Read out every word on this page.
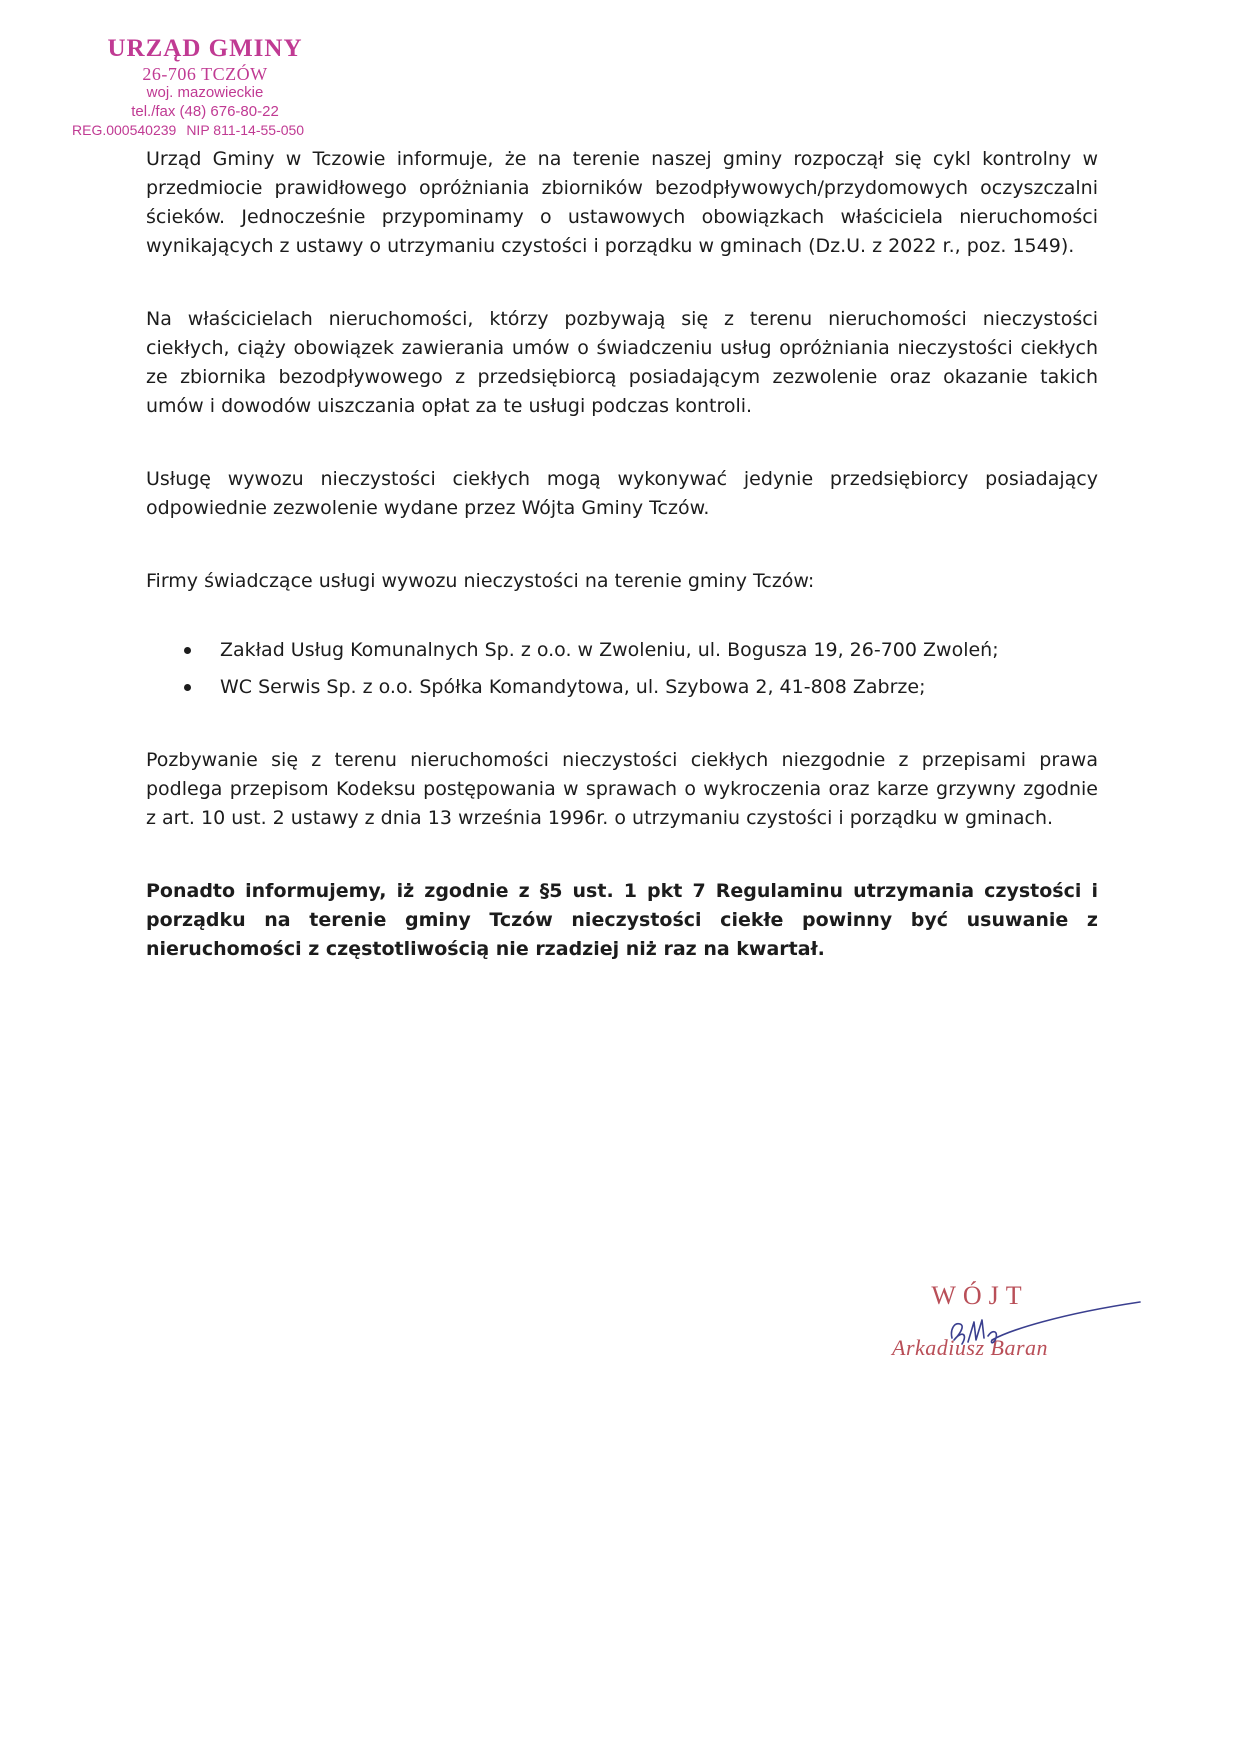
URZĄD GMINY
26-706 TCZÓW
woj. mazowieckie
tel./fax (48) 676-80-22
REG.000540239 NIP 811-14-55-050

Urząd Gminy w Tczowie informuje, że na terenie naszej gminy rozpoczął się cykl kontrolny w przedmiocie prawidłowego opróżniania zbiorników bezodpływowych/przydomowych oczyszczalni ścieków. Jednocześnie przypominamy o ustawowych obowiązkach właściciela nieruchomości wynikających z ustawy o utrzymaniu czystości i porządku w gminach (Dz.U. z 2022 r., poz. 1549).

Na właścicielach nieruchomości, którzy pozbywają się z terenu nieruchomości nieczystości ciekłych, ciąży obowiązek zawierania umów o świadczeniu usług opróżniania nieczystości ciekłych ze zbiornika bezodpływowego z przedsiębiorcą posiadającym zezwolenie oraz okazanie takich umów i dowodów uiszczania opłat za te usługi podczas kontroli.

Usługę wywozu nieczystości ciekłych mogą wykonywać jedynie przedsiębiorcy posiadający odpowiednie zezwolenie wydane przez Wójta Gminy Tczów.

Firmy świadczące usługi wywozu nieczystości na terenie gminy Tczów:

Zakład Usług Komunalnych Sp. z o.o. w Zwoleniu, ul. Bogusza 19, 26-700 Zwoleń;
WC Serwis Sp. z o.o. Spółka Komandytowa, ul. Szybowa 2, 41-808 Zabrze;

Pozbywanie się z terenu nieruchomości nieczystości ciekłych niezgodnie z przepisami prawa podlega przepisom Kodeksu postępowania w sprawach o wykroczenia oraz karze grzywny zgodnie z art. 10 ust. 2 ustawy z dnia 13 września 1996r. o utrzymaniu czystości i porządku w gminach.

Ponadto informujemy, iż zgodnie z §5 ust. 1 pkt 7 Regulaminu utrzymania czystości i porządku na terenie gminy Tczów nieczystości ciekłe powinny być usuwanie z nieruchomości z częstotliwością nie rzadziej niż raz na kwartał.

WÓJT
Arkadiusz Baran
